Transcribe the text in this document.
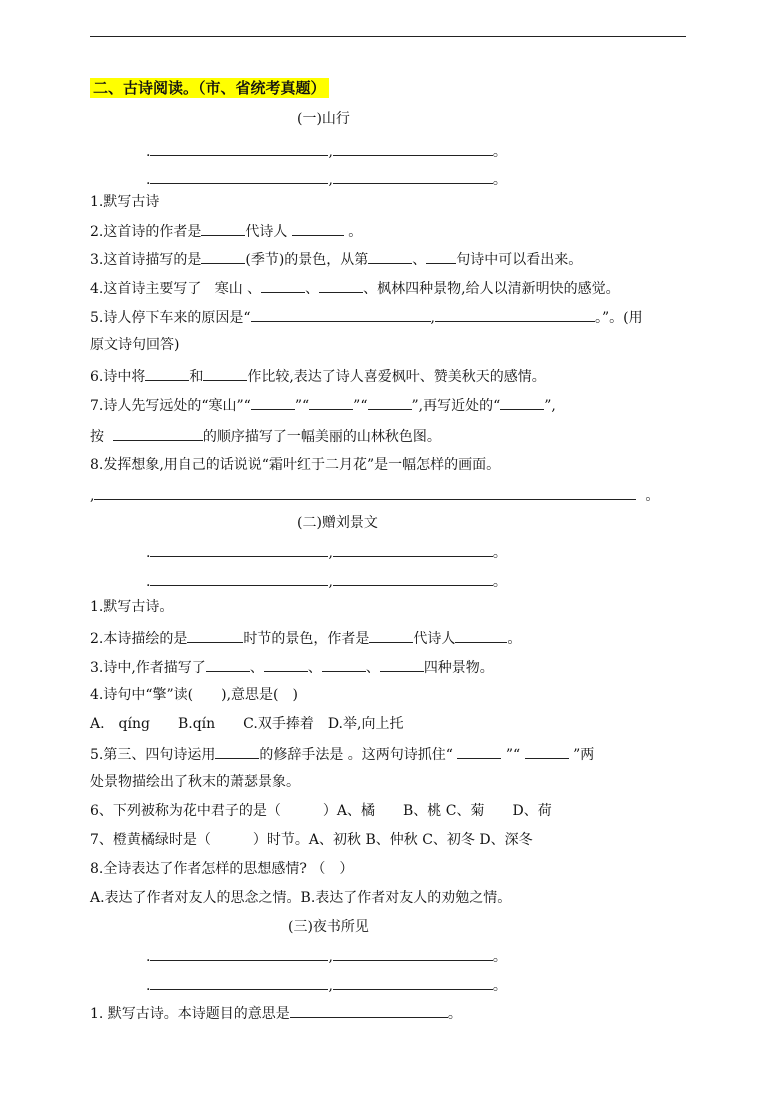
二、古诗阅读。（市、省统考真题）
(一)山行
.	,	。
.	,	。
1.默写古诗
2.这首诗的作者是	代诗人	。
3.这首诗描写的是	(季节)的景色，从第	、 句诗中可以看出来。
4.这首诗主要写了 寒山 、	、	、枫林四种景物,给人以清新明快的感觉。
5.诗人停下车来的原因是“	,	。”。(用
原文诗句回答)
6.诗中将	和	作比较,表达了诗人喜爱枫叶、赞美秋天的感情。
7.诗人先写远处的“寒山”“	”“	”“	”,再写近处的“	”,
按	的顺序描写了一幅美丽的山林秋色图。
8.发挥想象,用自己的话说说“霜叶红于二月花”是一幅怎样的画面。
,	。
(二)赠刘景文
.	,	。
.	,	。
1.默写古诗。
2.本诗描绘的是	时节的景色，作者是	代诗人	。
3.诗中,作者描写了	、	、	、	四种景物。
4.诗句中“擎”读(　　),意思是(　)
A.　qíng　　B.qín　　C.双手捧着　D.举,向上托
5.第三、四句诗运用	的修辞手法是 。这两句诗抓住“	”“	”两
处景物描绘出了秋末的萧瑟景象。
6、下列被称为花中君子的是（　　　）A、橘　　B、桃 C、菊　　D、荷
7、橙黄橘绿时是（　　　）时节。A、初秋 B、仲秋 C、初冬 D、深冬
8.全诗表达了作者怎样的思想感情? （　）
A.表达了作者对友人的思念之情。B.表达了作者对友人的劝勉之情。
(三)夜书所见
.	,	。
.	,	。
1. 默写古诗。本诗题目的意思是	。
